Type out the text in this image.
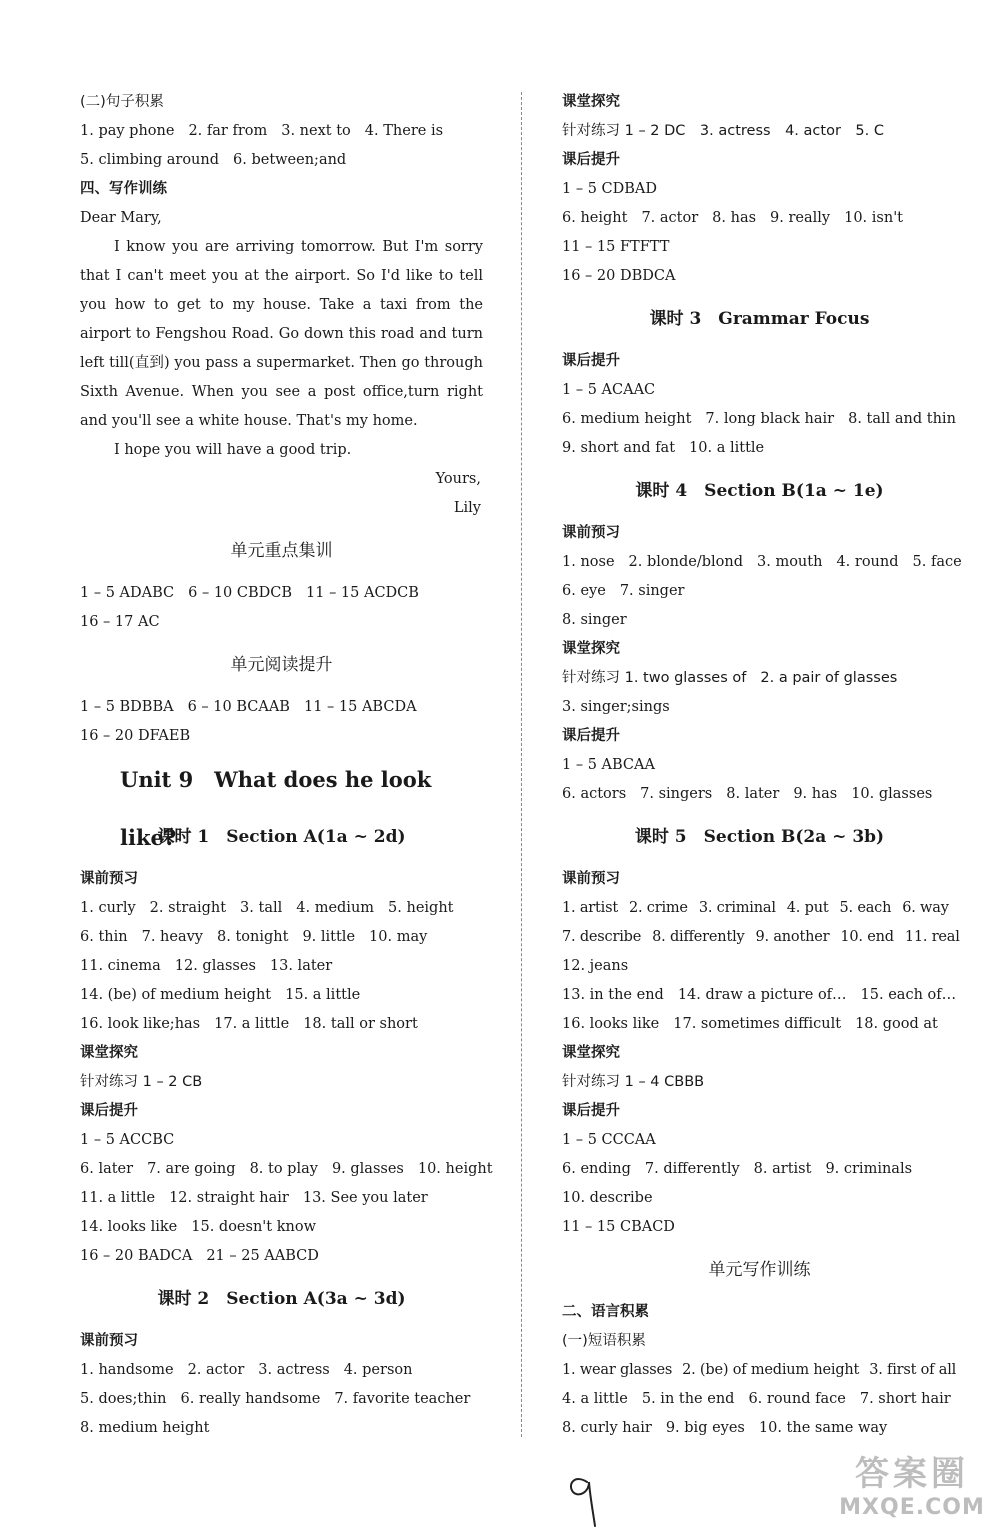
(二)句子积累
1. pay phone 2. far from 3. next to 4. There is
5. climbing around 6. between;and
四、写作训练

Dear Mary,

I know you are arriving tomorrow. But I'm sorry that I can't meet you at the airport. So I'd like to tell you how to get to my house. Take a taxi from the airport to Fengshou Road. Go down this road and turn left till(直到) you pass a supermarket. Then go through Sixth Avenue. When you see a post office,turn right and you'll see a white house. That's my home.

I hope you will have a good trip.

Yours,

Lily

单元重点集训
1 – 5 ADABC 6 – 10 CBDCB 11 – 15 ACDCB
16 – 17 AC
单元阅读提升
1 – 5 BDBBA 6 – 10 BCAAB 11 – 15 ABCDA
16 – 20 DFAEB
Unit 9　What does he look like?
课时 1　Section A(1a ~ 2d)
课前预习
1. curly 2. straight 3. tall 4. medium 5. height
6. thin 7. heavy 8. tonight 9. little 10. may
11. cinema 12. glasses 13. later
14. (be) of medium height 15. a little
16. look like;has 17. a little 18. tall or short
课堂探究
针对练习 1 – 2 CB
课后提升
1 – 5 ACCBC
6. later 7. are going 8. to play 9. glasses 10. height
11. a little 12. straight hair 13. See you later
14. looks like 15. doesn't know
16 – 20 BADCA 21 – 25 AABCD
课时 2　Section A(3a ~ 3d)
课前预习
1. handsome 2. actor 3. actress 4. person
5. does;thin 6. really handsome 7. favorite teacher
8. medium height
课堂探究
针对练习 1 – 2 DC　3. actress　4. actor　5. C
课后提升
1 – 5 CDBAD
6. height 7. actor 8. has 9. really 10. isn't
11 – 15 FTFTT
16 – 20 DBDCA
课时 3　Grammar Focus
课后提升
1 – 5 ACAAC
6. medium height 7. long black hair 8. tall and thin
9. short and fat 10. a little
课时 4　Section B(1a ~ 1e)
课前预习
1. nose 2. blonde/blond 3. mouth 4. round 5. face
6. eye 7. singer
8. singer
课堂探究
针对练习 1. two glasses of 2. a pair of glasses
3. singer;sings
课后提升
1 – 5 ABCAA
6. actors 7. singers 8. later 9. has 10. glasses
课时 5　Section B(2a ~ 3b)
课前预习
1. artist 2. crime 3. criminal 4. put 5. each 6. way
7. describe 8. differently 9. another 10. end 11. real
12. jeans
13. in the end 14. draw a picture of… 15. each of…
16. looks like 17. sometimes difficult 18. good at
课堂探究
针对练习 1 – 4 CBBB
课后提升
1 – 5 CCCAA
6. ending 7. differently 8. artist 9. criminals
10. describe
11 – 15 CBACD
单元写作训练
二、语言积累
(一)短语积累
1. wear glasses 2. (be) of medium height 3. first of all
4. a little 5. in the end 6. round face 7. short hair
8. curly hair 9. big eyes 10. the same way
答案圈
MXQE.COM
